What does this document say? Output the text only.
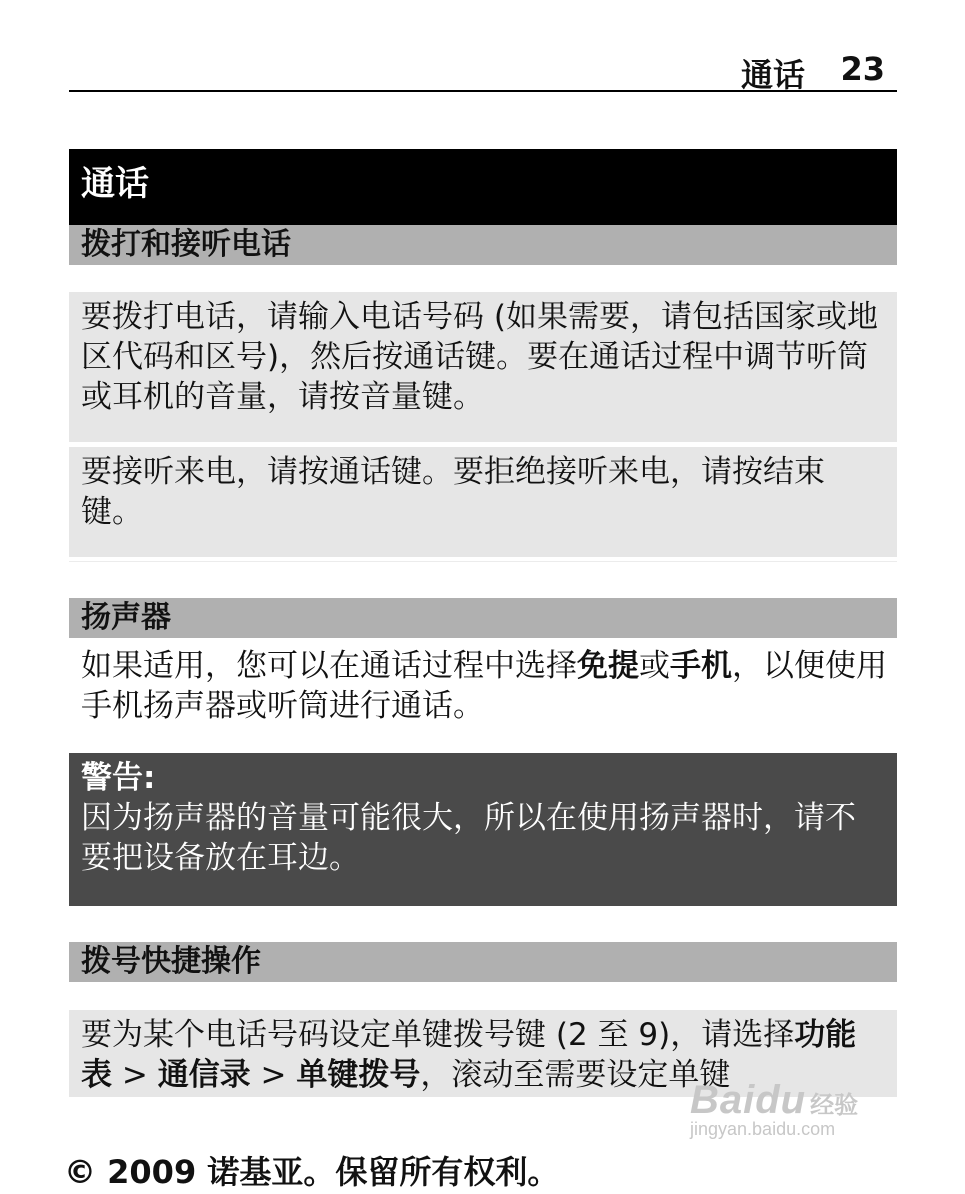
通话 23
通话
拨打和接听电话
要拨打电话，请输入电话号码 (如果需要，请包括国家或地区代码和区号)，然后按通话键。要在通话过程中调节听筒或耳机的音量，请按音量键。
要接听来电，请按通话键。要拒绝接听来电，请按结束键。
扬声器
如果适用，您可以在通话过程中选择免提或手机，以便使用手机扬声器或听筒进行通话。
警告:
因为扬声器的音量可能很大，所以在使用扬声器时，请不要把设备放在耳边。
拨号快捷操作
要为某个电话号码设定单键拨号键 (2 至 9)，请选择功能表 > 通信录 > 单键拨号，滚动至需要设定单键
Baidu 经验
jingyan.baidu.com
© 2009 诺基亚。保留所有权利。
